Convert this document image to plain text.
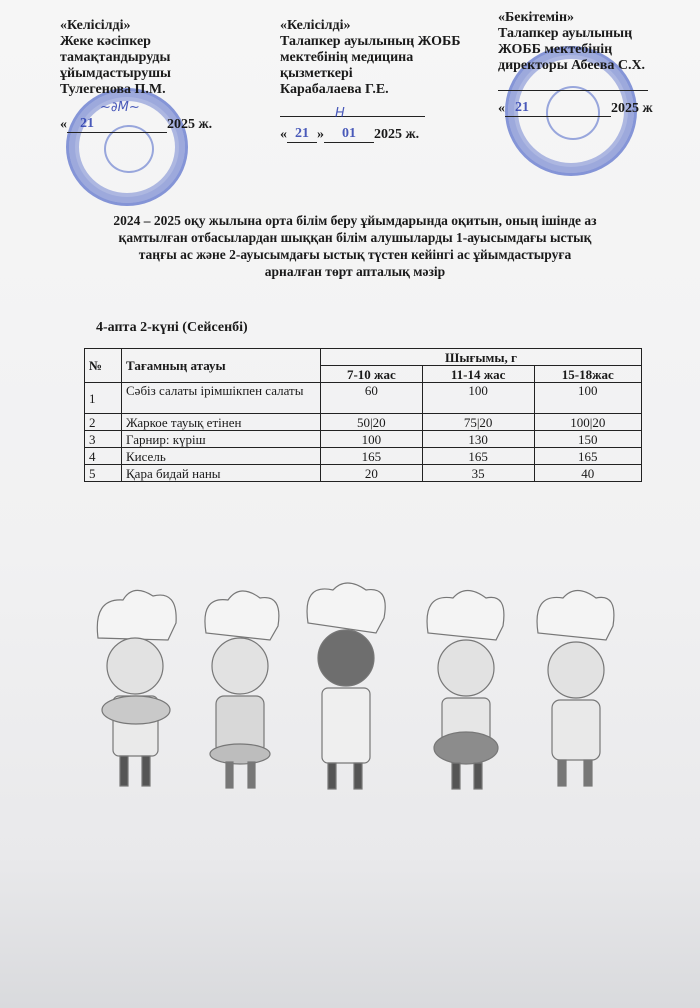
«Келісілді»
Жеке кәсіпкер
тамақтандыруды
ұйымдастырушы
Тулегенова П.М.
« 21	2025 ж.
~∂M~
«Келісілді»
Талапкер ауылының ЖОББ
мектебінің медицина
қызметкері
Карабалаева Г.Е.
« 21 »	01	2025 ж.
H
«Бекітемін»
Талапкер ауылының
ЖОББ мектебінің
директоры Абеева С.Х.
« 21	2025 ж
2024 – 2025 оқу жылына орта білім беру ұйымдарында оқитын, оның ішінде аз
қамтылған отбасылардан шыққан білім алушыларды 1-ауысымдағы ыстық
таңғы ас және 2-ауысымдағы ыстық түстен кейінгі ас ұйымдастыруға
арналған төрт апталық мәзір
4-апта 2-күні (Сейсенбі)
№	Тағамның атауы	Шығымы, г		
		7-10 жас	11-14 жас	15-18жас
1	Сәбіз салаты ірімшікпен салаты	60	100	100
2	Жаркое тауық етінен	50|20	75|20	100|20
3	Гарнир: күріш	100	130	150
4	Кисель	165	165	165
5	Қара бидай наны	20	35	40
